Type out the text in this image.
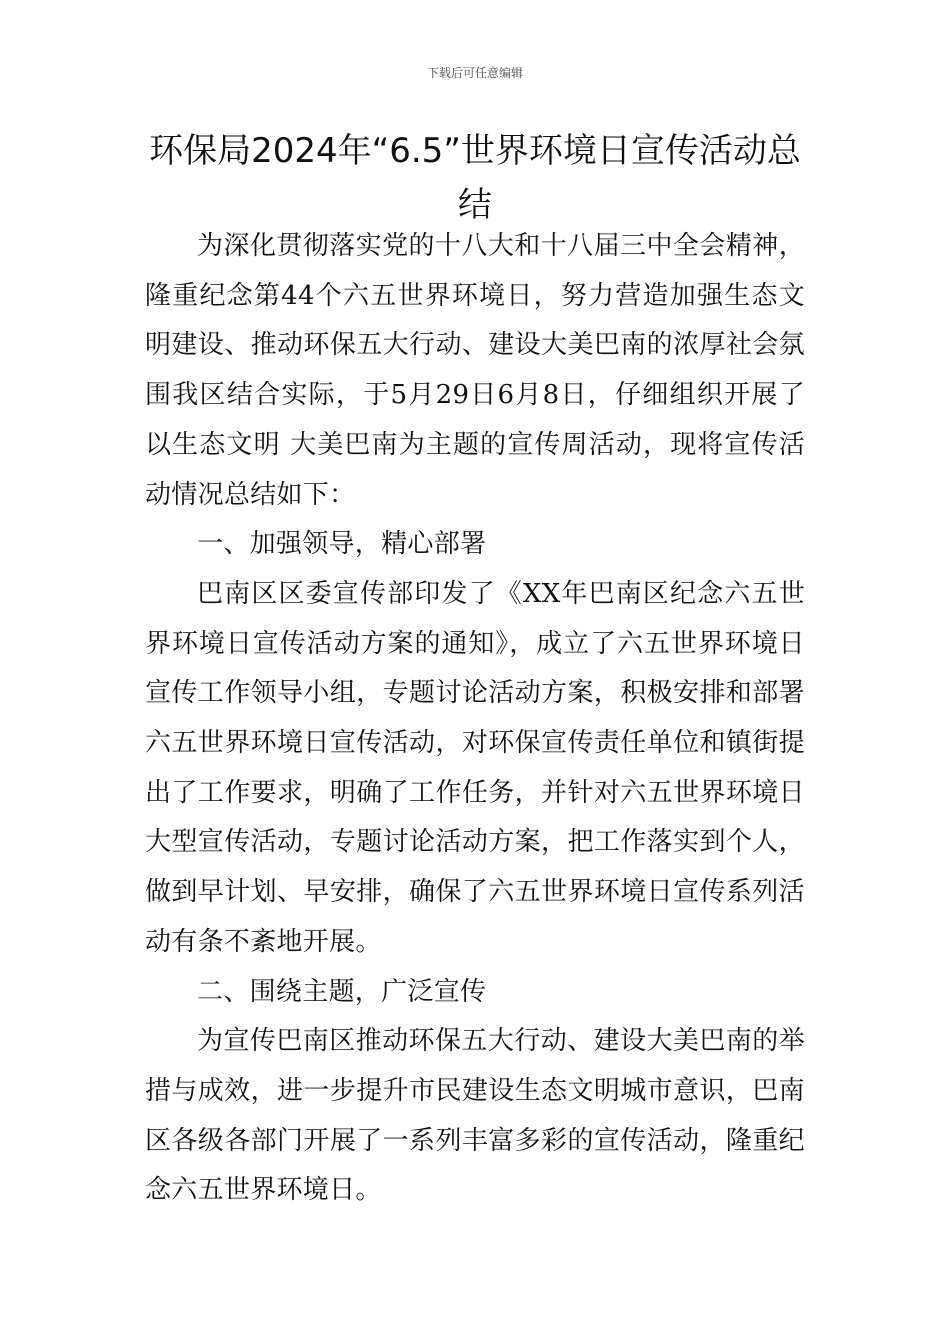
下载后可任意编辑
环保局2024年“6.5”世界环境日宣传活动总结

为深化贯彻落实党的十八大和十八届三中全会精神，隆重纪念第44个六五世界环境日，努力营造加强生态文明建设、推动环保五大行动、建设大美巴南的浓厚社会氛围我区结合实际，于5月29日6月8日，仔细组织开展了以生态文明 大美巴南为主题的宣传周活动，现将宣传活动情况总结如下：

一、加强领导，精心部署

巴南区区委宣传部印发了《XX年巴南区纪念六五世界环境日宣传活动方案的通知》，成立了六五世界环境日宣传工作领导小组，专题讨论活动方案，积极安排和部署六五世界环境日宣传活动，对环保宣传责任单位和镇街提出了工作要求，明确了工作任务，并针对六五世界环境日大型宣传活动，专题讨论活动方案，把工作落实到个人，做到早计划、早安排，确保了六五世界环境日宣传系列活动有条不紊地开展。

二、围绕主题，广泛宣传

为宣传巴南区推动环保五大行动、建设大美巴南的举措与成效，进一步提升市民建设生态文明城市意识，巴南区各级各部门开展了一系列丰富多彩的宣传活动，隆重纪念六五世界环境日。
